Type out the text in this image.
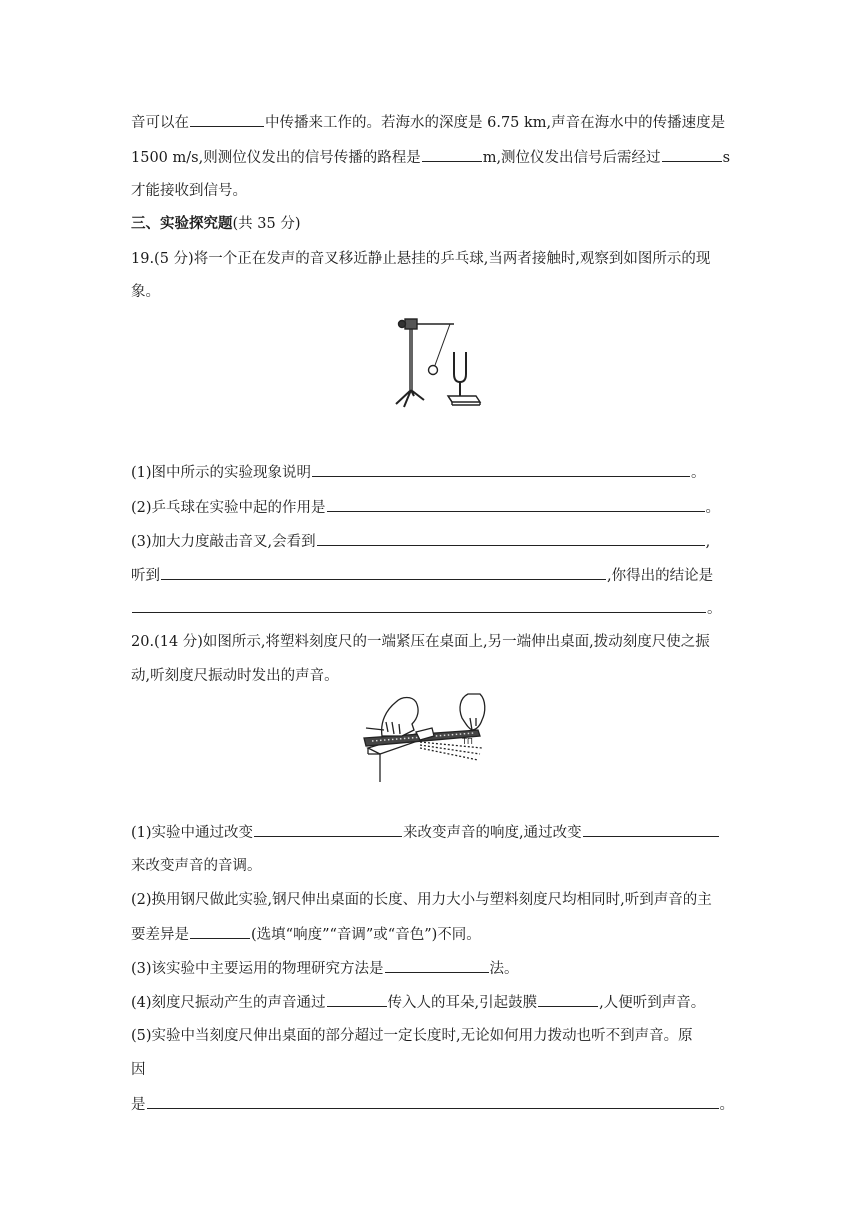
音可以在	中传播来工作的。若海水的深度是 6.75 km,声音在海水中的传播速度是
1500 m/s,则测位仪发出的信号传播的路程是	m,测位仪发出信号后需经过	s
才能接收到信号。
三、实验探究题(共 35 分)
19.(5 分)将一个正在发声的音叉移近静止悬挂的乒乓球,当两者接触时,观察到如图所示的现
象。
(1)图中所示的实验现象说明	。
(2)乒乓球在实验中起的作用是	。
(3)加大力度敲击音叉,会看到	,
听到	,你得出的结论是
。
20.(14 分)如图所示,将塑料刻度尺的一端紧压在桌面上,另一端伸出桌面,拨动刻度尺使之振
动,听刻度尺振动时发出的声音。
TΠ
(1)实验中通过改变	来改变声音的响度,通过改变
来改变声音的音调。
(2)换用钢尺做此实验,钢尺伸出桌面的长度、用力大小与塑料刻度尺均相同时,听到声音的主
要差异是	(选填“响度”“音调”或“音色”)不同。
(3)该实验中主要运用的物理研究方法是	法。
(4)刻度尺振动产生的声音通过	传入人的耳朵,引起鼓膜	,人便听到声音。
(5)实验中当刻度尺伸出桌面的部分超过一定长度时,无论如何用力拨动也听不到声音。原
因
是	。
